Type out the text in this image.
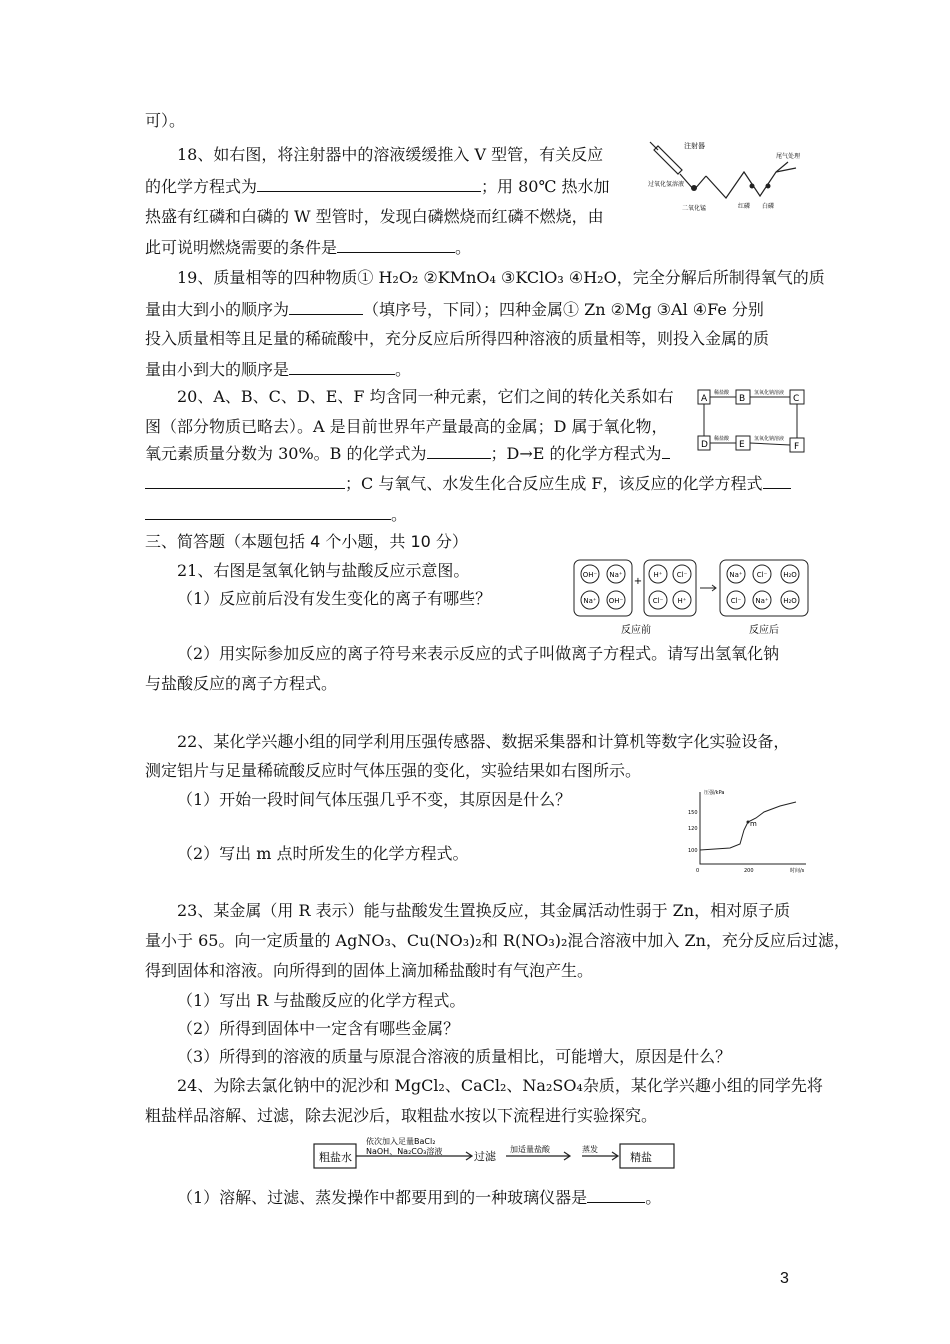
可）。
18、如右图，将注射器中的溶液缓缓推入 V 型管，有关反应
的化学方程式为	；用 80℃ 热水加
热盛有红磷和白磷的 W 型管时，发现白磷燃烧而红磷不燃烧，由
此可说明燃烧需要的条件是	。
19、质量相等的四种物质① H₂O₂ ②KMnO₄ ③KClO₃ ④H₂O，完全分解后所制得氧气的质
量由大到小的顺序为	（填序号，下同）；四种金属① Zn ②Mg ③Al ④Fe 分别
投入质量相等且足量的稀硫酸中，充分反应后所得四种溶液的质量相等，则投入金属的质
量由小到大的顺序是	。
20、A、B、C、D、E、F 均含同一种元素，它们之间的转化关系如右
图（部分物质已略去）。A 是目前世界年产量最高的金属；D 属于氧化物，
氧元素质量分数为 30%。B 的化学式为	；D→E 的化学方程式为
；C 与氧气、水发生化合反应生成 F，该反应的化学方程式
。
三、简答题（本题包括 4 个小题，共 10 分）
21、右图是氢氧化钠与盐酸反应示意图。
（1）反应前后没有发生变化的离子有哪些？
（2）用实际参加反应的离子符号来表示反应的式子叫做离子方程式。请写出氢氧化钠
与盐酸反应的离子方程式。
22、某化学兴趣小组的同学利用压强传感器、数据采集器和计算机等数字化实验设备，
测定铝片与足量稀硫酸反应时气体压强的变化，实验结果如右图所示。
（1）开始一段时间气体压强几乎不变，其原因是什么？
（2）写出 m 点时所发生的化学方程式。
23、某金属（用 R 表示）能与盐酸发生置换反应，其金属活动性弱于 Zn，相对原子质
量小于 65。向一定质量的 AgNO₃、Cu(NO₃)₂和 R(NO₃)₂混合溶液中加入 Zn，充分反应后过滤，
得到固体和溶液。向所得到的固体上滴加稀盐酸时有气泡产生。
（1）写出 R 与盐酸反应的化学方程式。
（2）所得到固体中一定含有哪些金属？
（3）所得到的溶液的质量与原混合溶液的质量相比，可能增大，原因是什么？
24、为除去氯化钠中的泥沙和 MgCl₂、CaCl₂、Na₂SO₄杂质，某化学兴趣小组的同学先将
粗盐样品溶解、过滤，除去泥沙后，取粗盐水按以下流程进行实验探究。
（1）溶解、过滤、蒸发操作中都要用到的一种玻璃仪器是	。
注射器
过氧化氢溶液
二氧化锰	红磷 白磷
尾气处理
A	B	C
D	E	F
稀盐酸	氢氧化钠溶液
稀盐酸	氢氧化钠溶液
OH⁻ Na⁺
Na⁺ OH⁻
+
H⁺ Cl⁻
Cl⁻ H⁺
Na⁺ Cl⁻ H₂O
Cl⁻ Na⁺ H₂O
反应前	反应后
压强/kPa
时间/s
150
120
100
0	200
m
粗盐水
依次加入足量BaCl₂
NaOH、Na₂CO₃溶液	过滤
加适量盐酸	蒸发
精盐
3
